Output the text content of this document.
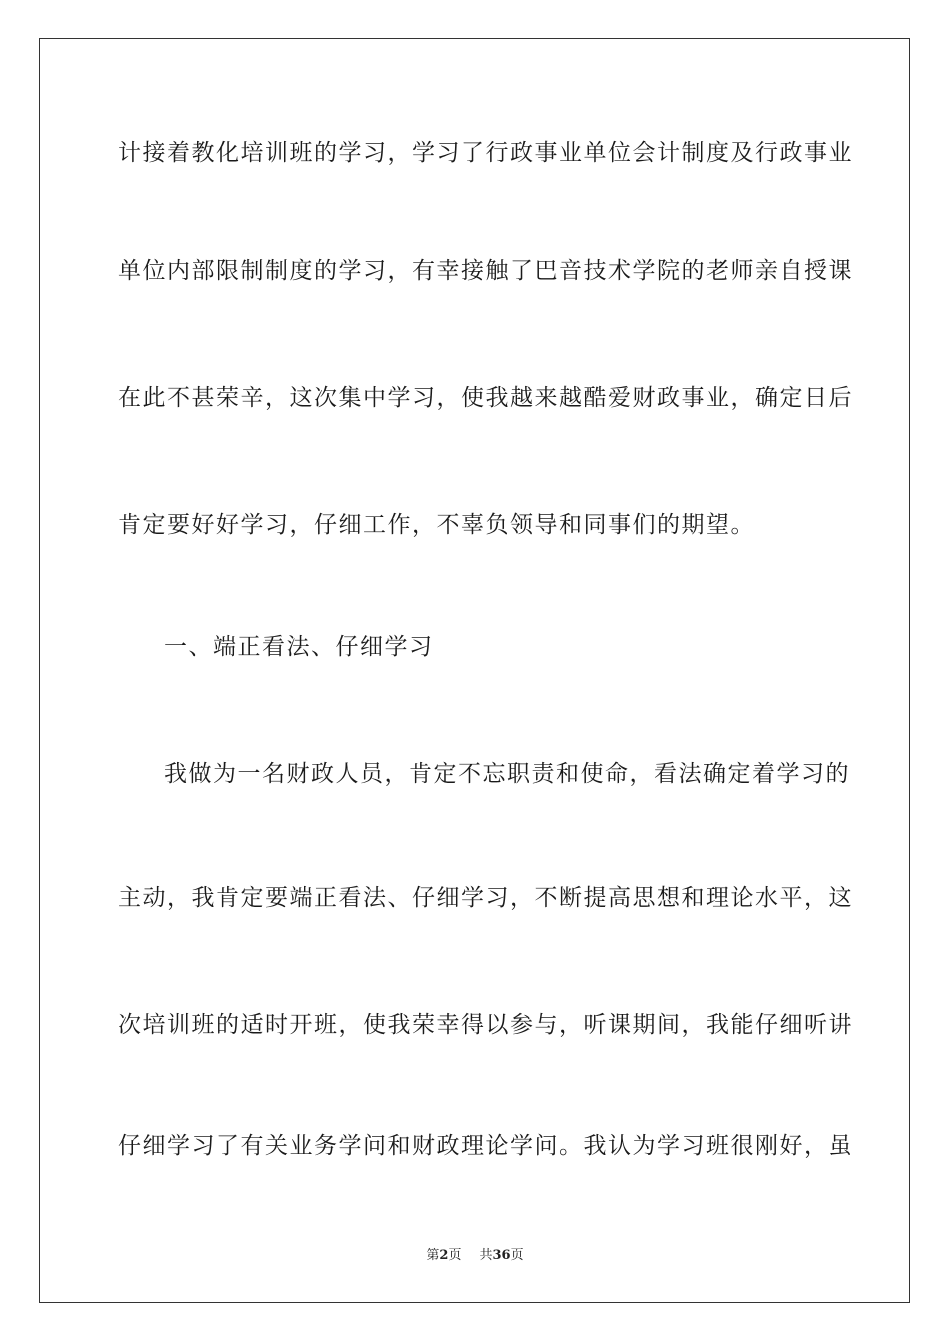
计接着教化培训班的学习，学习了行政事业单位会计制度及行政事业
单位内部限制制度的学习，有幸接触了巴音技术学院的老师亲自授课
在此不甚荣辛，这次集中学习，使我越来越酷爱财政事业，确定日后
肯定要好好学习，仔细工作，不辜负领导和同事们的期望。
一、端正看法、仔细学习
我做为一名财政人员，肯定不忘职责和使命，看法确定着学习的
主动，我肯定要端正看法、仔细学习，不断提高思想和理论水平，这
次培训班的适时开班，使我荣幸得以参与，听课期间，我能仔细听讲
仔细学习了有关业务学问和财政理论学问。我认为学习班很刚好，虽
第2页 共36页
